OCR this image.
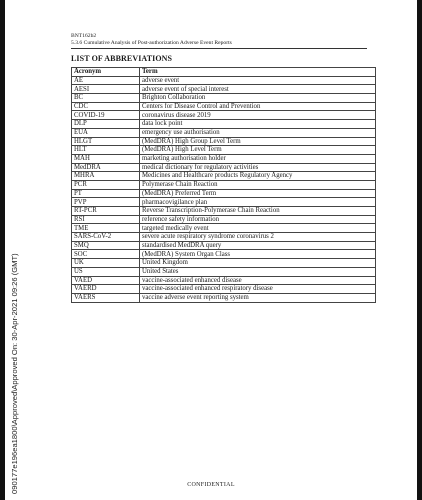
BNT162b2
5.3.6 Cumulative Analysis of Post-authorization Adverse Event Reports
LIST OF ABBREVIATIONS
Acronym	Term
AE	adverse event
AESI	adverse event of special interest
BC	Brighton Collaboration
CDC	Centers for Disease Control and Prevention
COVID-19	coronavirus disease 2019
DLP	data lock point
EUA	emergency use authorisation
HLGT	(MedDRA) High Group Level Term
HLT	(MedDRA) High Level Term
MAH	marketing authorisation holder
MedDRA	medical dictionary for regulatory activities
MHRA	Medicines and Healthcare products Regulatory Agency
PCR	Polymerase Chain Reaction
PT	(MedDRA) Preferred Term
PVP	pharmacovigilance plan
RT-PCR	Reverse Transcription-Polymerase Chain Reaction
RSI	reference safety information
TME	targeted medically event
SARS-CoV-2	severe acute respiratory syndrome coronavirus 2
SMQ	standardised MedDRA query
SOC	(MedDRA) System Organ Class
UK	United Kingdom
US	United States
VAED	vaccine-associated enhanced disease
VAERD	vaccine-associated enhanced respiratory disease
VAERS	vaccine adverse event reporting system
CONFIDENTIAL
090177e196ea1800\Approved\Approved On: 30-Apr-2021 09:26 (GMT)
